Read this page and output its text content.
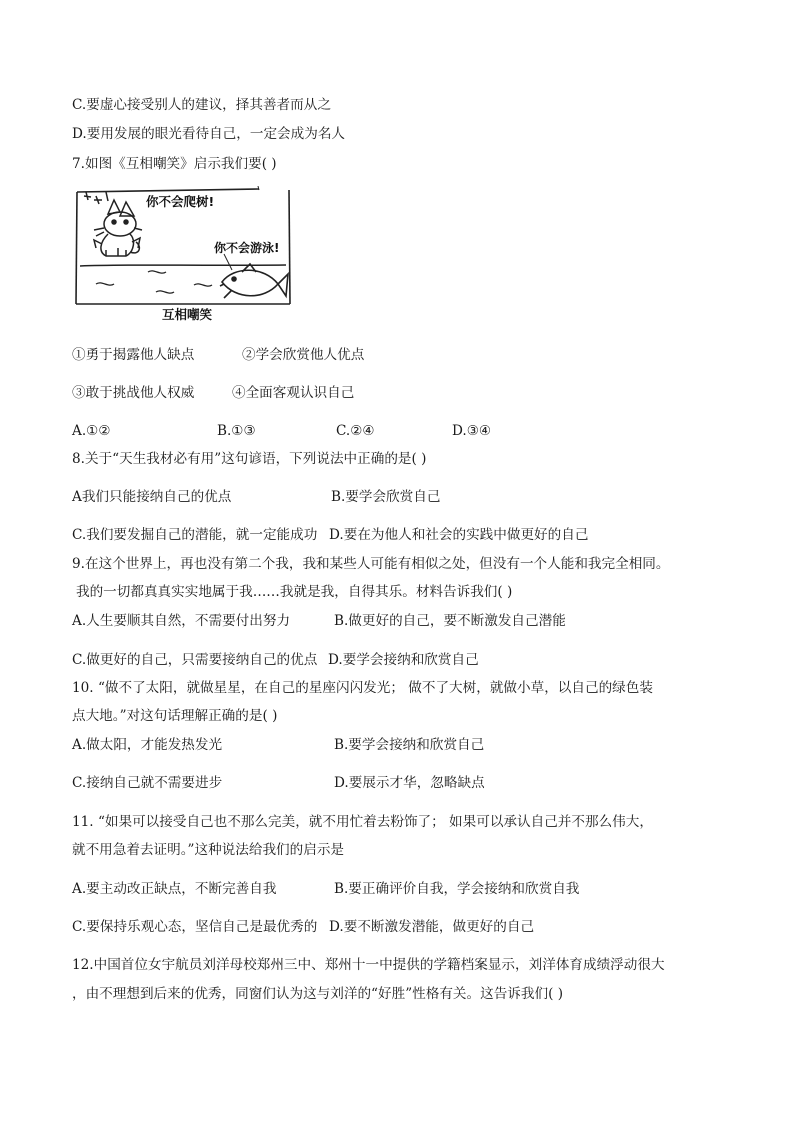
C.要虚心接受别人的建议，择其善者而从之
D.要用发展的眼光看待自己，一定会成为名人
7.如图《互相嘲笑》启示我们要( )
你不会爬树!
你不会游泳!
互相嘲笑
①勇于揭露他人缺点	②学会欣赏他人优点
③敢于挑战他人权威	④全面客观认识自己
A.①②	B.①③	C.②④	D.③④
8.关于“天生我材必有用”这句谚语，下列说法中正确的是( )
A我们只能接纳自己的优点	B.要学会欣赏自己
C.我们要发掘自己的潜能，就一定能成功 D.要在为他人和社会的实践中做更好的自己
9.在这个世界上，再也没有第二个我，我和某些人可能有相似之处，但没有一个人能和我完全相同。
我的一切都真真实实地属于我……我就是我，自得其乐。材料告诉我们( )
A.人生要顺其自然，不需要付出努力	B.做更好的自己，要不断激发自己潜能
C.做更好的自己，只需要接纳自己的优点 D.要学会接纳和欣赏自己
10. “做不了太阳，就做星星，在自己的星座闪闪发光； 做不了大树，就做小草，以自己的绿色装
点大地。”对这句话理解正确的是( )
A.做太阳，才能发热发光	B.要学会接纳和欣赏自己
C.接纳自己就不需要进步	D.要展示才华，忽略缺点
11. “如果可以接受自己也不那么完美，就不用忙着去粉饰了； 如果可以承认自己并不那么伟大，
就不用急着去证明。”这种说法给我们的启示是
A.要主动改正缺点，不断完善自我	B.要正确评价自我，学会接纳和欣赏自我
C.要保持乐观心态，坚信自己是最优秀的 D.要不断激发潜能，做更好的自己
12.中国首位女宇航员刘洋母校郑州三中、郑州十一中提供的学籍档案显示，刘洋体育成绩浮动很大
，由不理想到后来的优秀，同窗们认为这与刘洋的“好胜”性格有关。这告诉我们( )
